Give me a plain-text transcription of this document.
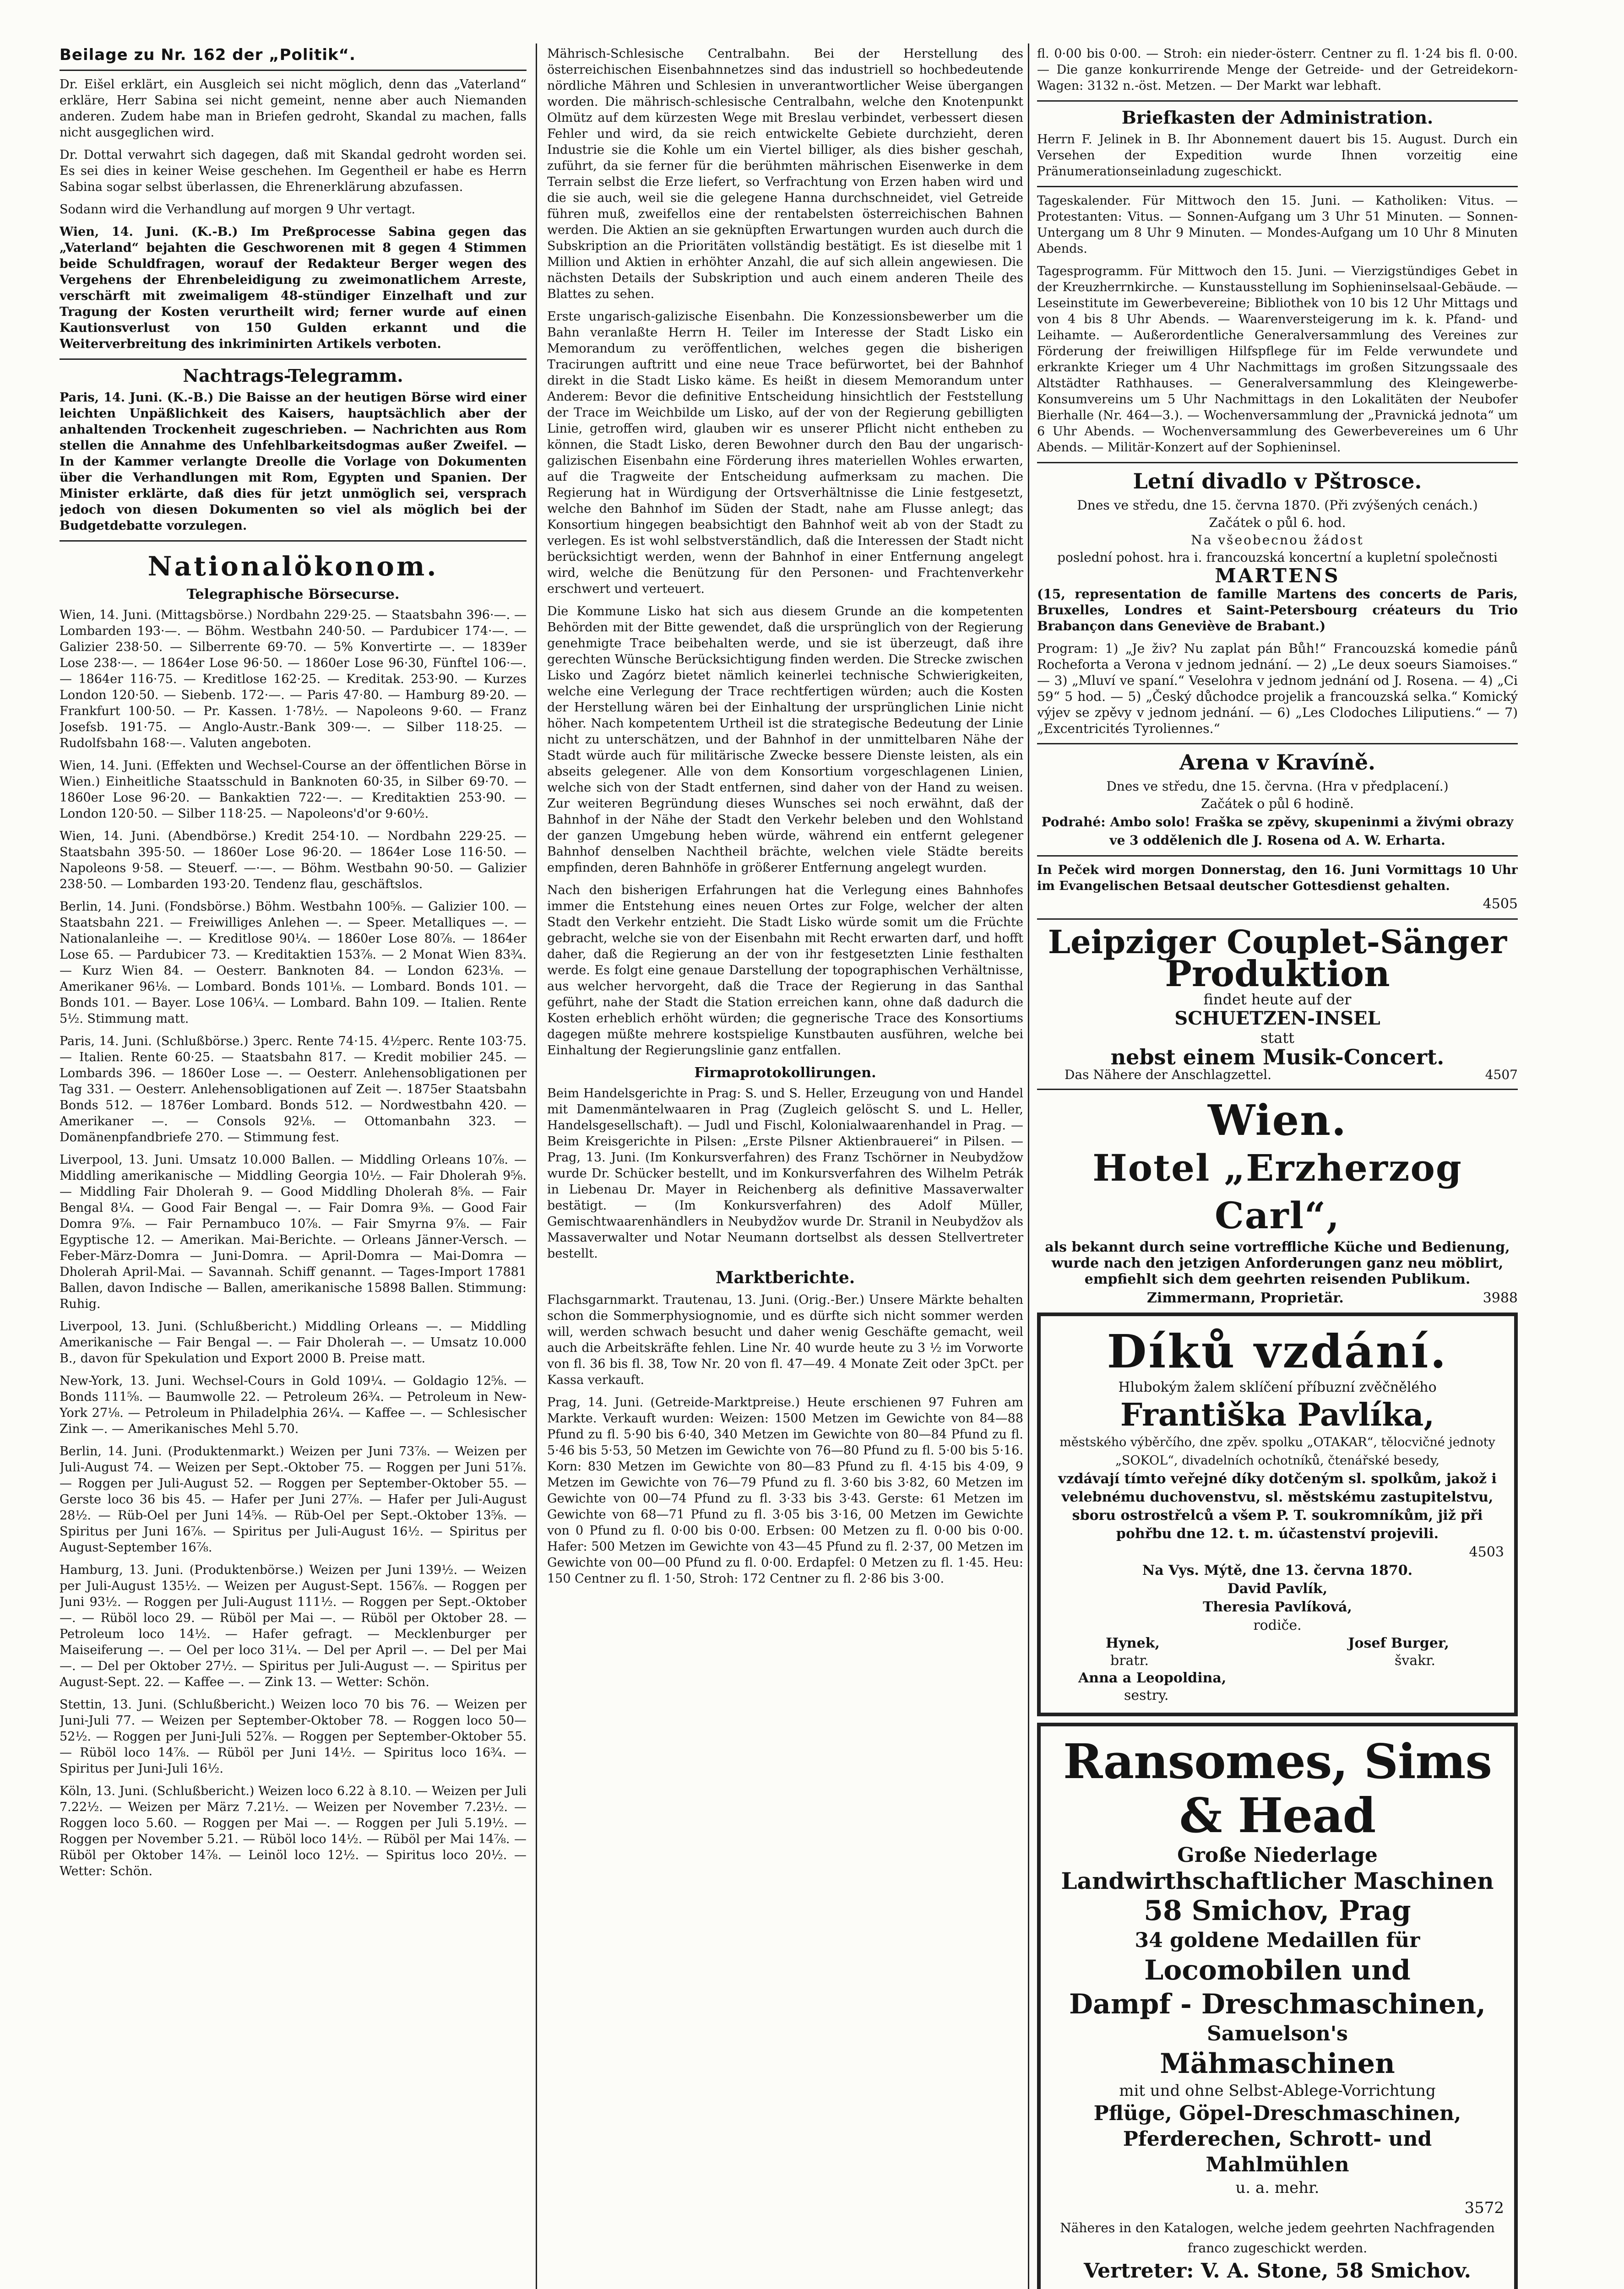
Beilage zu Nr. 162 der „Politik“.

Dr. Eišel erklärt, ein Ausgleich sei nicht möglich, denn das „Vaterland“ erkläre, Herr Sabina sei nicht gemeint, nenne aber auch Niemanden anderen. Zudem habe man in Briefen gedroht, Skandal zu machen, falls nicht ausgeglichen wird.

Dr. Dottal verwahrt sich dagegen, daß mit Skandal gedroht worden sei. Es sei dies in keiner Weise geschehen. Im Gegentheil er habe es Herrn Sabina sogar selbst überlassen, die Ehrenerklärung abzufassen.

Sodann wird die Verhandlung auf morgen 9 Uhr vertagt.

Wien, 14. Juni. (K.-B.) Im Preßprocesse Sabina gegen das „Vaterland“ bejahten die Geschworenen mit 8 gegen 4 Stimmen beide Schuldfragen, worauf der Redakteur Berger wegen des Vergehens der Ehrenbeleidigung zu zweimonatlichem Arreste, verschärft mit zweimaligem 48-stündiger Einzelhaft und zur Tragung der Kosten verurtheilt wird; ferner wurde auf einen Kautionsverlust von 150 Gulden erkannt und die Weiterverbreitung des inkriminirten Artikels verboten.

Nachtrags-Telegramm.

Paris, 14. Juni. (K.-B.) Die Baisse an der heutigen Börse wird einer leichten Unpäßlichkeit des Kaisers, hauptsächlich aber der anhaltenden Trockenheit zugeschrieben. — Nachrichten aus Rom stellen die Annahme des Unfehlbarkeitsdogmas außer Zweifel. — In der Kammer verlangte Dreolle die Vorlage von Dokumenten über die Verhandlungen mit Rom, Egypten und Spanien. Der Minister erklärte, daß dies für jetzt unmöglich sei, versprach jedoch von diesen Dokumenten so viel als möglich bei der Budgetdebatte vorzulegen.

Nationalökonom.
Telegraphische Börsecurse.

Wien, 14. Juni. (Mittagsbörse.) Nordbahn 229·25. — Staatsbahn 396·—. — Lombarden 193·—. — Böhm. Westbahn 240·50. — Pardubicer 174·—. — Galizier 238·50. — Silberrente 69·70. — 5% Konvertirte —. — 1839er Lose 238·—. — 1864er Lose 96·50. — 1860er Lose 96·30, Fünftel 106·—. — 1864er 116·75. — Kreditlose 162·25. — Kreditak. 253·90. — Kurzes London 120·50. — Siebenb. 172·—. — Paris 47·80. — Hamburg 89·20. — Frankfurt 100·50. — Pr. Kassen. 1·78½. — Napoleons 9·60. — Franz Josefsb. 191·75. — Anglo-Austr.-Bank 309·—. — Silber 118·25. — Rudolfsbahn 168·—. Valuten angeboten.

Wien, 14. Juni. (Effekten und Wechsel-Course an der öffentlichen Börse in Wien.) Einheitliche Staatsschuld in Banknoten 60·35, in Silber 69·70. — 1860er Lose 96·20. — Bankaktien 722·—. — Kreditaktien 253·90. — London 120·50. — Silber 118·25. — Napoleons'd'or 9·60½.

Wien, 14. Juni. (Abendbörse.) Kredit 254·10. — Nordbahn 229·25. — Staatsbahn 395·50. — 1860er Lose 96·20. — 1864er Lose 116·50. — Napoleons 9·58. — Steuerf. —·—. — Böhm. Westbahn 90·50. — Galizier 238·50. — Lombarden 193·20. Tendenz flau, geschäftslos.

Berlin, 14. Juni. (Fondsbörse.) Böhm. Westbahn 100⅝. — Galizier 100. — Staatsbahn 221. — Freiwilliges Anlehen —. — Speer. Metalliques —. — Nationalanleihe —. — Kreditlose 90¼. — 1860er Lose 80⅞. — 1864er Lose 65. — Pardubicer 73. — Kreditaktien 153⅞. — 2 Monat Wien 83¾. — Kurz Wien 84. — Oesterr. Banknoten 84. — London 623⅛. — Amerikaner 96⅛. — Lombard. Bonds 101⅛. — Lombard. Bonds 101. — Bonds 101. — Bayer. Lose 106¼. — Lombard. Bahn 109. — Italien. Rente 5½. Stimmung matt.

Paris, 14. Juni. (Schlußbörse.) 3perc. Rente 74·15. 4½perc. Rente 103·75. — Italien. Rente 60·25. — Staatsbahn 817. — Kredit mobilier 245. — Lombards 396. — 1860er Lose —. — Oesterr. Anlehensobligationen per Tag 331. — Oesterr. Anlehensobligationen auf Zeit —. 1875er Staatsbahn Bonds 512. — 1876er Lombard. Bonds 512. — Nordwestbahn 420. — Amerikaner —. — Consols 92⅛. — Ottomanbahn 323. — Domänenpfandbriefe 270. — Stimmung fest.

Liverpool, 13. Juni. Umsatz 10.000 Ballen. — Middling Orleans 10⅞. — Middling amerikanische — Middling Georgia 10½. — Fair Dholerah 9⅝. — Middling Fair Dholerah 9. — Good Middling Dholerah 8⅝. — Fair Bengal 8¼. — Good Fair Bengal —. — Fair Domra 9⅜. — Good Fair Domra 9⅞. — Fair Pernambuco 10⅞. — Fair Smyrna 9⅞. — Fair Egyptische 12. — Amerikan. Mai-Berichte. — Orleans Jänner-Versch. — Feber-März-Domra — Juni-Domra. — April-Domra — Mai-Domra — Dholerah April-Mai. — Savannah. Schiff genannt. — Tages-Import 17881 Ballen, davon Indische — Ballen, amerikanische 15898 Ballen. Stimmung: Ruhig.

Liverpool, 13. Juni. (Schlußbericht.) Middling Orleans —. — Middling Amerikanische — Fair Bengal —. — Fair Dholerah —. — Umsatz 10.000 B., davon für Spekulation und Export 2000 B. Preise matt.

New-York, 13. Juni. Wechsel-Cours in Gold 109¼. — Goldagio 12⅝. — Bonds 111⅝. — Baumwolle 22. — Petroleum 26¾. — Petroleum in New-York 27⅛. — Petroleum in Philadelphia 26¼. — Kaffee —. — Schlesischer Zink —. — Amerikanisches Mehl 5.70.

Berlin, 14. Juni. (Produktenmarkt.) Weizen per Juni 73⅞. — Weizen per Juli-August 74. — Weizen per Sept.-Oktober 75. — Roggen per Juni 51⅞. — Roggen per Juli-August 52. — Roggen per September-Oktober 55. — Gerste loco 36 bis 45. — Hafer per Juni 27⅞. — Hafer per Juli-August 28½. — Rüb-Oel per Juni 14⅝. — Rüb-Oel per Sept.-Oktober 13⅝. — Spiritus per Juni 16⅞. — Spiritus per Juli-August 16½. — Spiritus per August-September 16⅞.

Hamburg, 13. Juni. (Produktenbörse.) Weizen per Juni 139½. — Weizen per Juli-August 135½. — Weizen per August-Sept. 156⅞. — Roggen per Juni 93½. — Roggen per Juli-August 111½. — Roggen per Sept.-Oktober —. — Rüböl loco 29. — Rüböl per Mai —. — Rüböl per Oktober 28. — Petroleum loco 14½. — Hafer gefragt. — Mecklenburger per Maiseiferung —. — Oel per loco 31¼. — Del per April —. — Del per Mai —. — Del per Oktober 27½. — Spiritus per Juli-August —. — Spiritus per August-Sept. 22. — Kaffee —. — Zink 13. — Wetter: Schön.

Stettin, 13. Juni. (Schlußbericht.) Weizen loco 70 bis 76. — Weizen per Juni-Juli 77. — Weizen per September-Oktober 78. — Roggen loco 50—52½. — Roggen per Juni-Juli 52⅞. — Roggen per September-Oktober 55. — Rüböl loco 14⅞. — Rüböl per Juni 14½. — Spiritus loco 16¾. — Spiritus per Juni-Juli 16½.

Köln, 13. Juni. (Schlußbericht.) Weizen loco 6.22 à 8.10. — Weizen per Juli 7.22½. — Weizen per März 7.21½. — Weizen per November 7.23½. — Roggen loco 5.60. — Roggen per Mai —. — Roggen per Juli 5.19½. — Roggen per November 5.21. — Rüböl loco 14½. — Rüböl per Mai 14⅞. — Rüböl per Oktober 14⅞. — Leinöl loco 12½. — Spiritus loco 20½. — Wetter: Schön.

Mährisch-Schlesische Centralbahn. Bei der Herstellung des österreichischen Eisenbahnnetzes sind das industriell so hochbedeutende nördliche Mähren und Schlesien in unverantwortlicher Weise übergangen worden. Die mährisch-schlesische Centralbahn, welche den Knotenpunkt Olmütz auf dem kürzesten Wege mit Breslau verbindet, verbessert diesen Fehler und wird, da sie reich entwickelte Gebiete durchzieht, deren Industrie sie die Kohle um ein Viertel billiger, als dies bisher geschah, zuführt, da sie ferner für die berühmten mährischen Eisenwerke in dem Terrain selbst die Erze liefert, so Verfrachtung von Erzen haben wird und die sie auch, weil sie die gelegene Hanna durchschneidet, viel Getreide führen muß, zweifellos eine der rentabelsten österreichischen Bahnen werden. Die Aktien an sie geknüpften Erwartungen wurden auch durch die Subskription an die Prioritäten vollständig bestätigt. Es ist dieselbe mit 1 Million und Aktien in erhöhter Anzahl, die auf sich allein angewiesen. Die nächsten Details der Subskription und auch einem anderen Theile des Blattes zu sehen.

Erste ungarisch-galizische Eisenbahn. Die Konzessionsbewerber um die Bahn veranlaßte Herrn H. Teiler im Interesse der Stadt Lisko ein Memorandum zu veröffentlichen, welches gegen die bisherigen Tracirungen auftritt und eine neue Trace befürwortet, bei der Bahnhof direkt in die Stadt Lisko käme. Es heißt in diesem Memorandum unter Anderem: Bevor die definitive Entscheidung hinsichtlich der Feststellung der Trace im Weichbilde um Lisko, auf der von der Regierung gebilligten Linie, getroffen wird, glauben wir es unserer Pflicht nicht entheben zu können, die Stadt Lisko, deren Bewohner durch den Bau der ungarisch-galizischen Eisenbahn eine Förderung ihres materiellen Wohles erwarten, auf die Tragweite der Entscheidung aufmerksam zu machen. Die Regierung hat in Würdigung der Ortsverhältnisse die Linie festgesetzt, welche den Bahnhof im Süden der Stadt, nahe am Flusse anlegt; das Konsortium hingegen beabsichtigt den Bahnhof weit ab von der Stadt zu verlegen. Es ist wohl selbstverständlich, daß die Interessen der Stadt nicht berücksichtigt werden, wenn der Bahnhof in einer Entfernung angelegt wird, welche die Benützung für den Personen- und Frachtenverkehr erschwert und verteuert.

Die Kommune Lisko hat sich aus diesem Grunde an die kompetenten Behörden mit der Bitte gewendet, daß die ursprünglich von der Regierung genehmigte Trace beibehalten werde, und sie ist überzeugt, daß ihre gerechten Wünsche Berücksichtigung finden werden. Die Strecke zwischen Lisko und Zagórz bietet nämlich keinerlei technische Schwierigkeiten, welche eine Verlegung der Trace rechtfertigen würden; auch die Kosten der Herstellung wären bei der Einhaltung der ursprünglichen Linie nicht höher. Nach kompetentem Urtheil ist die strategische Bedeutung der Linie nicht zu unterschätzen, und der Bahnhof in der unmittelbaren Nähe der Stadt würde auch für militärische Zwecke bessere Dienste leisten, als ein abseits gelegener. Alle von dem Konsortium vorgeschlagenen Linien, welche sich von der Stadt entfernen, sind daher von der Hand zu weisen. Zur weiteren Begründung dieses Wunsches sei noch erwähnt, daß der Bahnhof in der Nähe der Stadt den Verkehr beleben und den Wohlstand der ganzen Umgebung heben würde, während ein entfernt gelegener Bahnhof denselben Nachtheil brächte, welchen viele Städte bereits empfinden, deren Bahnhöfe in größerer Entfernung angelegt wurden.

Nach den bisherigen Erfahrungen hat die Verlegung eines Bahnhofes immer die Entstehung eines neuen Ortes zur Folge, welcher der alten Stadt den Verkehr entzieht. Die Stadt Lisko würde somit um die Früchte gebracht, welche sie von der Eisenbahn mit Recht erwarten darf, und hofft daher, daß die Regierung an der von ihr festgesetzten Linie festhalten werde. Es folgt eine genaue Darstellung der topographischen Verhältnisse, aus welcher hervorgeht, daß die Trace der Regierung in das Santhal geführt, nahe der Stadt die Station erreichen kann, ohne daß dadurch die Kosten erheblich erhöht würden; die gegnerische Trace des Konsortiums dagegen müßte mehrere kostspielige Kunstbauten ausführen, welche bei Einhaltung der Regierungslinie ganz entfallen.

Firmaprotokollirungen.

Beim Handelsgerichte in Prag: S. und S. Heller, Erzeugung von und Handel mit Damenmäntelwaaren in Prag (Zugleich gelöscht S. und L. Heller, Handelsgesellschaft). — Judl und Fischl, Kolonialwaarenhandel in Prag. — Beim Kreisgerichte in Pilsen: „Erste Pilsner Aktienbrauerei“ in Pilsen. — Prag, 13. Juni. (Im Konkursverfahren) des Franz Tschörner in Neubydžow wurde Dr. Schücker bestellt, und im Konkursverfahren des Wilhelm Petrák in Liebenau Dr. Mayer in Reichenberg als definitive Massaverwalter bestätigt. — (Im Konkursverfahren) des Adolf Müller, Gemischtwaarenhändlers in Neubydžov wurde Dr. Stranil in Neubydžov als Massaverwalter und Notar Neumann dortselbst als dessen Stellvertreter bestellt.

Marktberichte.

Flachsgarnmarkt. Trautenau, 13. Juni. (Orig.-Ber.) Unsere Märkte behalten schon die Sommerphysiognomie, und es dürfte sich nicht sommer werden will, werden schwach besucht und daher wenig Geschäfte gemacht, weil auch die Arbeitskräfte fehlen. Line Nr. 40 wurde heute zu 3 ½ im Vorworte von fl. 36 bis fl. 38, Tow Nr. 20 von fl. 47—49. 4 Monate Zeit oder 3pCt. per Kassa verkauft.

Prag, 14. Juni. (Getreide-Marktpreise.) Heute erschienen 97 Fuhren am Markte. Verkauft wurden: Weizen: 1500 Metzen im Gewichte von 84—88 Pfund zu fl. 5·90 bis 6·40, 340 Metzen im Gewichte von 80—84 Pfund zu fl. 5·46 bis 5·53, 50 Metzen im Gewichte von 76—80 Pfund zu fl. 5·00 bis 5·16. Korn: 830 Metzen im Gewichte von 80—83 Pfund zu fl. 4·15 bis 4·09, 9 Metzen im Gewichte von 76—79 Pfund zu fl. 3·60 bis 3·82, 60 Metzen im Gewichte von 00—74 Pfund zu fl. 3·33 bis 3·43. Gerste: 61 Metzen im Gewichte von 68—71 Pfund zu fl. 3·05 bis 3·16, 00 Metzen im Gewichte von 0 Pfund zu fl. 0·00 bis 0·00. Erbsen: 00 Metzen zu fl. 0·00 bis 0·00. Hafer: 500 Metzen im Gewichte von 43—45 Pfund zu fl. 2·37, 00 Metzen im Gewichte von 00—00 Pfund zu fl. 0·00. Erdapfel: 0 Metzen zu fl. 1·45. Heu: 150 Centner zu fl. 1·50, Stroh: 172 Centner zu fl. 2·86 bis 3·00.

fl. 0·00 bis 0·00. — Stroh: ein nieder-österr. Centner zu fl. 1·24 bis fl. 0·00. — Die ganze konkurrirende Menge der Getreide- und der Getreidekorn-Wagen: 3132 n.-öst. Metzen. — Der Markt war lebhaft.

Briefkasten der Administration.

Herrn F. Jelinek in B. Ihr Abonnement dauert bis 15. August. Durch ein Versehen der Expedition wurde Ihnen vorzeitig eine Pränumerationseinladung zugeschickt.

Tageskalender. Für Mittwoch den 15. Juni. — Katholiken: Vitus. — Protestanten: Vitus. — Sonnen-Aufgang um 3 Uhr 51 Minuten. — Sonnen-Untergang um 8 Uhr 9 Minuten. — Mondes-Aufgang um 10 Uhr 8 Minuten Abends.

Tagesprogramm. Für Mittwoch den 15. Juni. — Vierzigstündiges Gebet in der Kreuzherrnkirche. — Kunstausstellung im Sophieninselsaal-Gebäude. — Leseinstitute im Gewerbevereine; Bibliothek von 10 bis 12 Uhr Mittags und von 4 bis 8 Uhr Abends. — Waarenversteigerung im k. k. Pfand- und Leihamte. — Außerordentliche Generalversammlung des Vereines zur Förderung der freiwilligen Hilfspflege für im Felde verwundete und erkrankte Krieger um 4 Uhr Nachmittags im großen Sitzungssaale des Altstädter Rathhauses. — Generalversammlung des Kleingewerbe-Konsumvereins um 5 Uhr Nachmittags in den Lokalitäten der Neubofer Bierhalle (Nr. 464—3.). — Wochenversammlung der „Pravnická jednota“ um 6 Uhr Abends. — Wochenversammlung des Gewerbevereines um 6 Uhr Abends. — Militär-Konzert auf der Sophieninsel.

Letní divadlo v Pštrosce.
Dnes ve středu, dne 15. června 1870. (Při zvýšených cenách.)
Začátek o půl 6. hod.
Na všeobecnou žádost
poslední pohost. hra i. francouzská koncertní a kupletní společnosti
MARTENS

(15, representation de famille Martens des concerts de Paris, Bruxelles, Londres et Saint-Petersbourg créateurs du Trio Brabançon dans Geneviève de Brabant.)

Program: 1) „Je živ? Nu zaplat pán Bůh!“ Francouzská komedie pánů Rocheforta a Verona v jednom jednání. — 2) „Le deux soeurs Siamoises.“ — 3) „Mluví ve spaní.“ Veselohra v jednom jednání od J. Rosena. — 4) „Ci 59“ 5 hod. — 5) „Český důchodce projelik a francouzská selka.“ Komický výjev se zpěvy v jednom jednání. — 6) „Les Clodoches Liliputiens.“ — 7) „Excentricités Tyroliennes.“

Arena v Kravíně.
Dnes ve středu, dne 15. června. (Hra v předplacení.)
Začátek o půl 6 hodině.
Podrahé: Ambo solo! Fraška se zpěvy, skupeninmi a živými obrazy ve 3 oddělenich dle J. Rosena od A. W. Erharta.

In Peček wird morgen Donnerstag, den 16. Juni Vormittags 10 Uhr im Evangelischen Betsaal deutscher Gottesdienst gehalten.

4505
Leipziger Couplet-Sänger
Produktion
findet heute auf der
SCHUETZEN-INSEL
statt
nebst einem Musik-Concert.
Das Nähere der Anschlagzettel.	4507
Wien.
Hotel „Erzherzog Carl“,

als bekannt durch seine vortreffliche Küche und Bedienung, wurde nach den jetzigen Anforderungen ganz neu möblirt, empfiehlt sich dem geehrten reisenden Publikum.

Zimmermann, Proprietär.	3988
Díků vzdání.
Hlubokým žalem sklíčení příbuzní zvěčnělého
Františka Pavlíka,
městského výběrčího, dne zpěv. spolku „OTAKAR“, tělocvičné jednoty „SOKOL“, divadelních ochotníků, čtenářské besedy,
vzdávají tímto veřejné díky dotčeným sl. spolkům, jakož i velebnému duchovenstvu, sl. městskému zastupitelstvu, sboru ostrostřelců a všem P. T. soukromníkům, již při pohřbu dne 12. t. m. účastenství projevili.
4503
Na Vys. Mýtě, dne 13. června 1870.
David Pavlík,
Theresia Pavlíková,
rodiče.
Hynek,	Josef Burger,
bratr.	švakr.
Anna a Leopoldina,
sestry.
Ransomes, Sims & Head
Große Niederlage
Landwirthschaftlicher Maschinen
58 Smichov, Prag
34 goldene Medaillen für
Locomobilen und
Dampf - Dreschmaschinen,
Samuelson's
Mähmaschinen
mit und ohne Selbst-Ablege-Vorrichtung
Pflüge, Göpel-Dreschmaschinen,
Pferderechen, Schrott- und Mahlmühlen
u. a. mehr.
3572
Näheres in den Katalogen, welche jedem geehrten Nachfragenden franco zugeschickt werden.
Vertreter: V. A. Stone, 58 Smichov.
